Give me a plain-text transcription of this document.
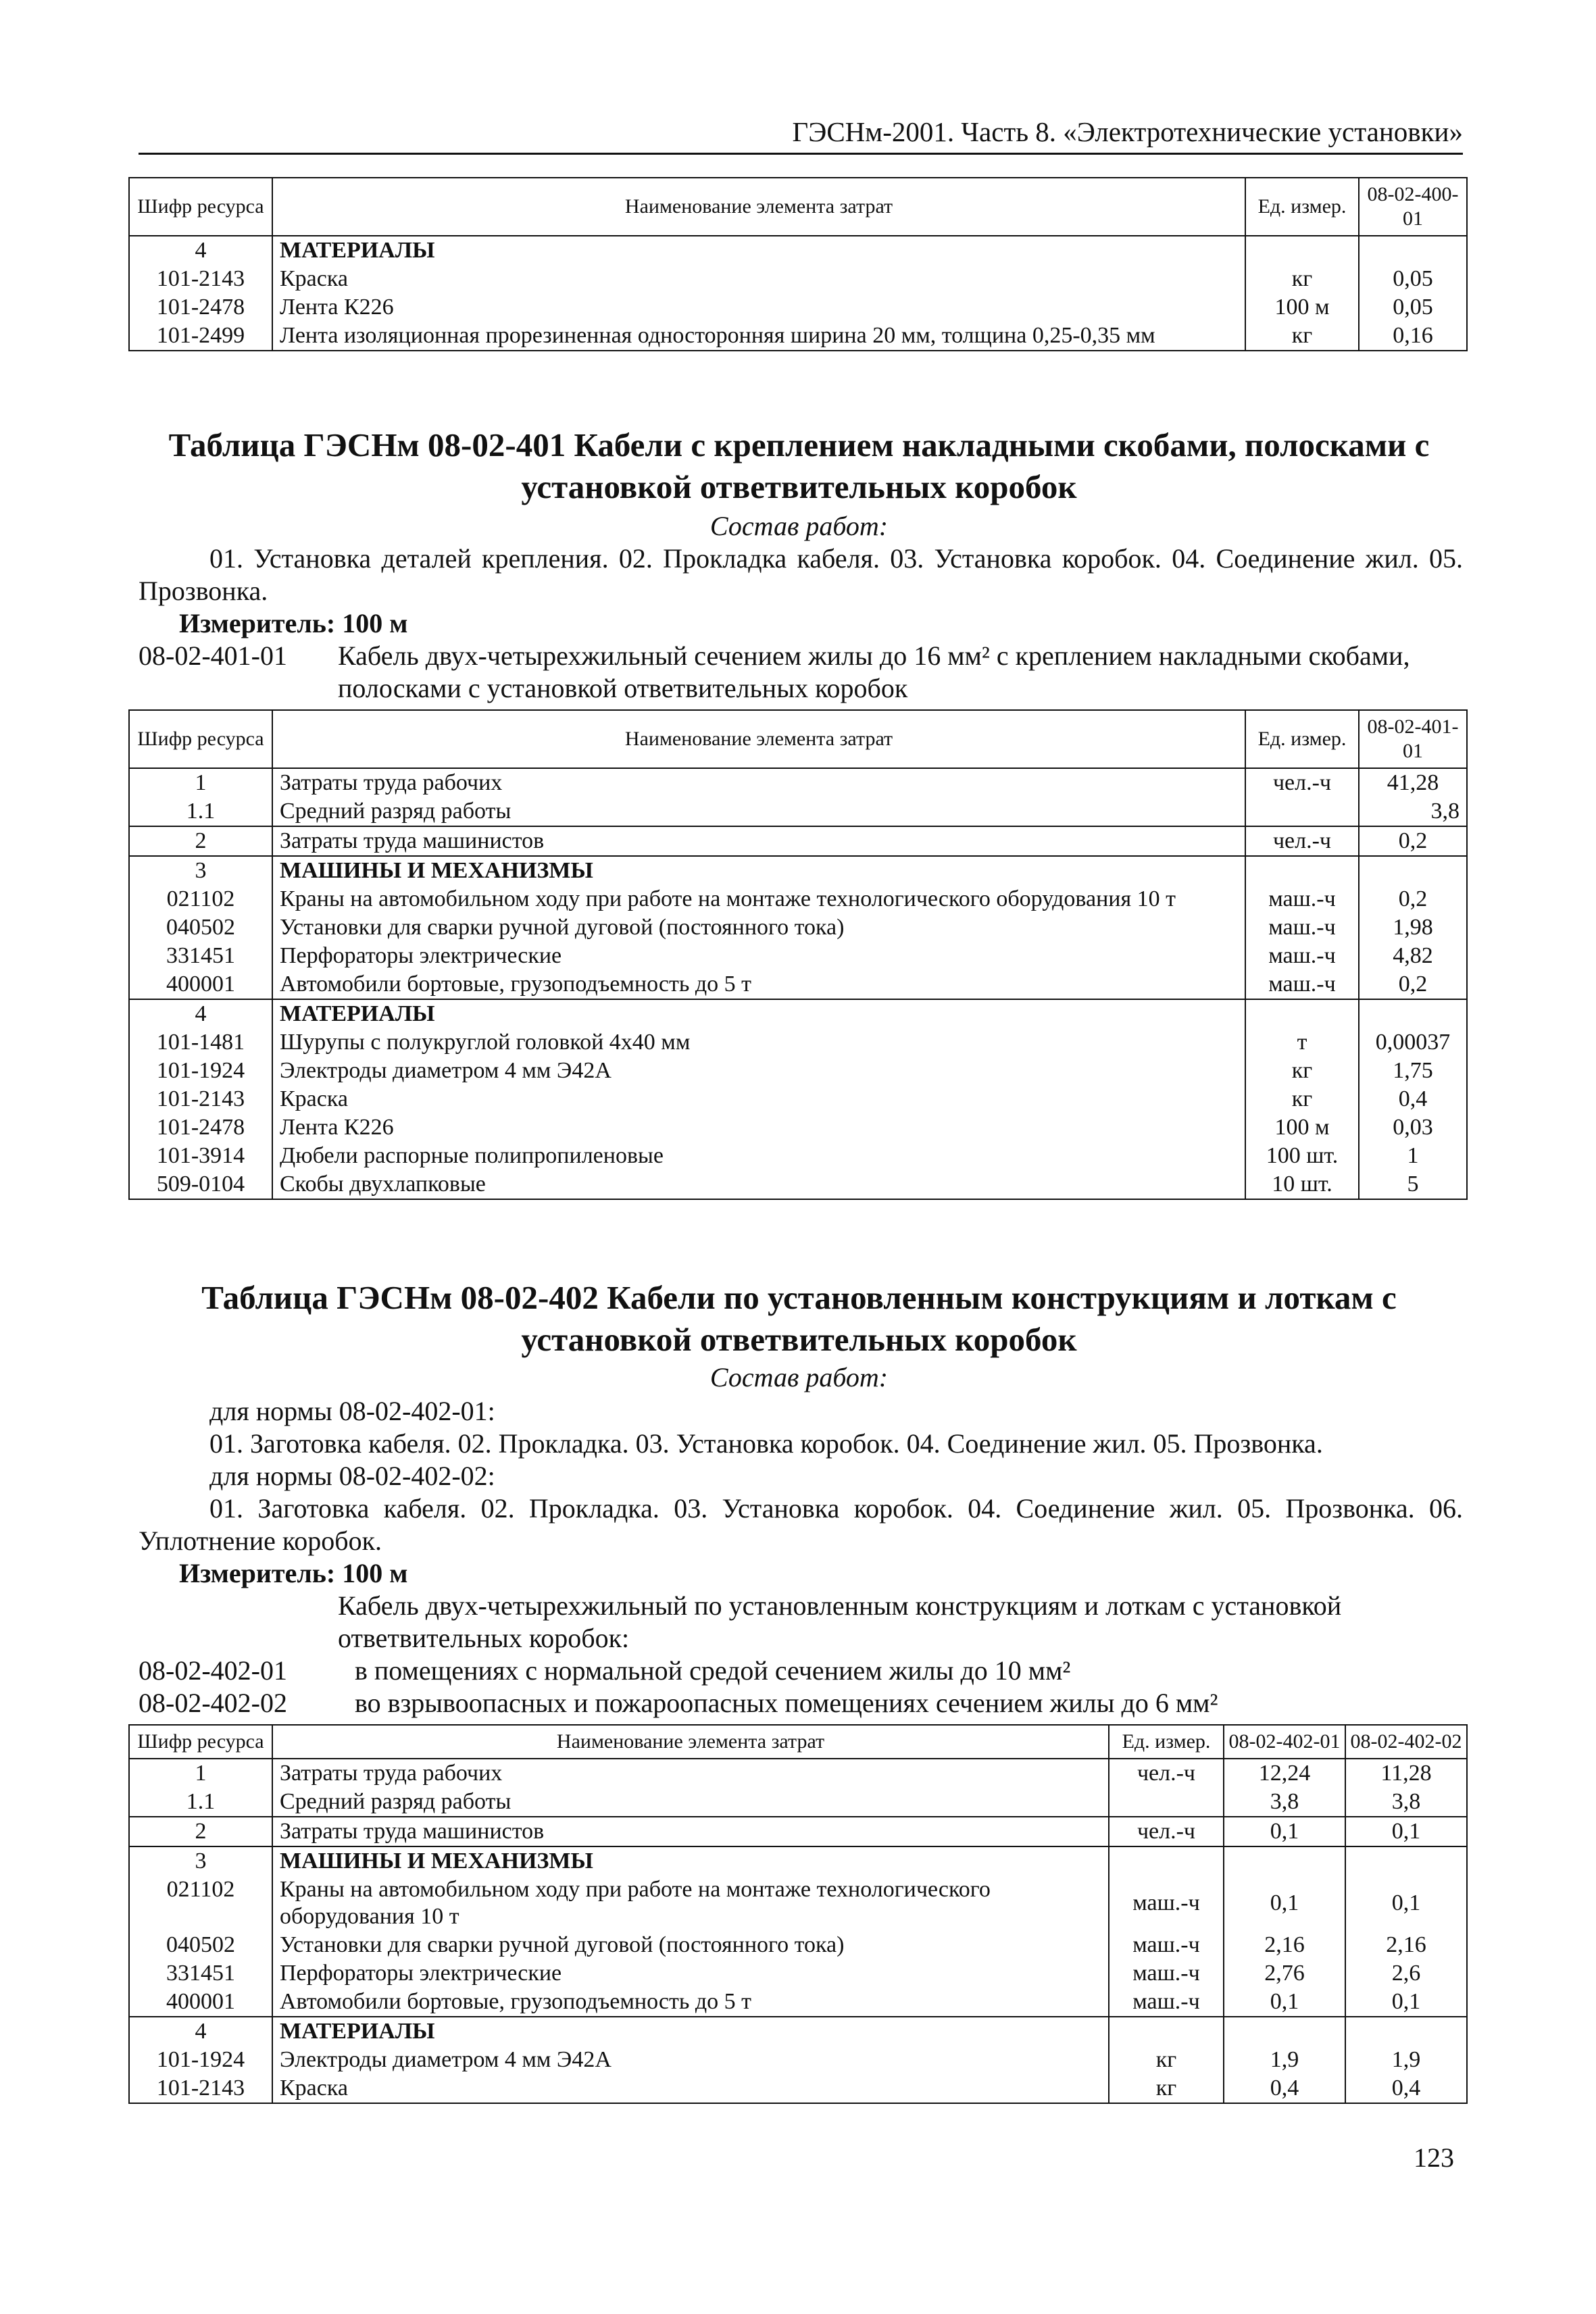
ГЭСНм-2001. Часть 8. «Электротехнические установки»
Шифр ресурса	Наименование элемента затрат	Ед. измер.	08-02-400-01
4	МАТЕРИАЛЫ		
101-2143	Краска	кг	0,05
101-2478	Лента К226	100 м	0,05
101-2499	Лента изоляционная прорезиненная односторонняя ширина 20 мм, толщина 0,25-0,35 мм	кг	0,16
Таблица ГЭСНм 08-02-401 Кабели с креплением накладными скобами, полосками с
установкой ответвительных коробок
Состав работ:
01. Установка деталей крепления. 02. Прокладка кабеля. 03. Установка коробок. 04. Соединение жил. 05.
Прозвонка.
Измеритель: 100 м
08-02-401-01 Кабель двух-четырехжильный сечением жилы до 16 мм² с креплением накладными скобами,
полосками с установкой ответвительных коробок
Шифр ресурса	Наименование элемента затрат	Ед. измер.	08-02-401-01
1	Затраты труда рабочих	чел.-ч	41,28
1.1	Средний разряд работы		3,8
2	Затраты труда машинистов	чел.-ч	0,2
3	МАШИНЫ И МЕХАНИЗМЫ		
021102	Краны на автомобильном ходу при работе на монтаже технологического оборудования 10 т	маш.-ч	0,2
040502	Установки для сварки ручной дуговой (постоянного тока)	маш.-ч	1,98
331451	Перфораторы электрические	маш.-ч	4,82
400001	Автомобили бортовые, грузоподъемность до 5 т	маш.-ч	0,2
4	МАТЕРИАЛЫ		
101-1481	Шурупы с полукруглой головкой 4х40 мм	т	0,00037
101-1924	Электроды диаметром 4 мм Э42А	кг	1,75
101-2143	Краска	кг	0,4
101-2478	Лента К226	100 м	0,03
101-3914	Дюбели распорные полипропиленовые	100 шт.	1
509-0104	Скобы двухлапковые	10 шт.	5
Таблица ГЭСНм 08-02-402 Кабели по установленным конструкциям и лоткам с
установкой ответвительных коробок
Состав работ:
для нормы 08-02-402-01:
01. Заготовка кабеля. 02. Прокладка. 03. Установка коробок. 04. Соединение жил. 05. Прозвонка.
для нормы 08-02-402-02:
01. Заготовка кабеля. 02. Прокладка. 03. Установка коробок. 04. Соединение жил. 05. Прозвонка. 06.
Уплотнение коробок.
Измеритель: 100 м
Кабель двух-четырехжильный по установленным конструкциям и лоткам с установкой
ответвительных коробок:
08-02-402-01	в помещениях с нормальной средой сечением жилы до 10 мм²
08-02-402-02	во взрывоопасных и пожароопасных помещениях сечением жилы до 6 мм²
Шифр ресурса	Наименование элемента затрат	Ед. измер.	08-02-402-01	08-02-402-02
1	Затраты труда рабочих	чел.-ч	12,24	11,28
1.1	Средний разряд работы		3,8	3,8
2	Затраты труда машинистов	чел.-ч	0,1	0,1
3	МАШИНЫ И МЕХАНИЗМЫ			
021102	Краны на автомобильном ходу при работе на монтаже технологического оборудования 10 т	маш.-ч	0,1	0,1
040502	Установки для сварки ручной дуговой (постоянного тока)	маш.-ч	2,16	2,16
331451	Перфораторы электрические	маш.-ч	2,76	2,6
400001	Автомобили бортовые, грузоподъемность до 5 т	маш.-ч	0,1	0,1
4	МАТЕРИАЛЫ			
101-1924	Электроды диаметром 4 мм Э42А	кг	1,9	1,9
101-2143	Краска	кг	0,4	0,4
123
